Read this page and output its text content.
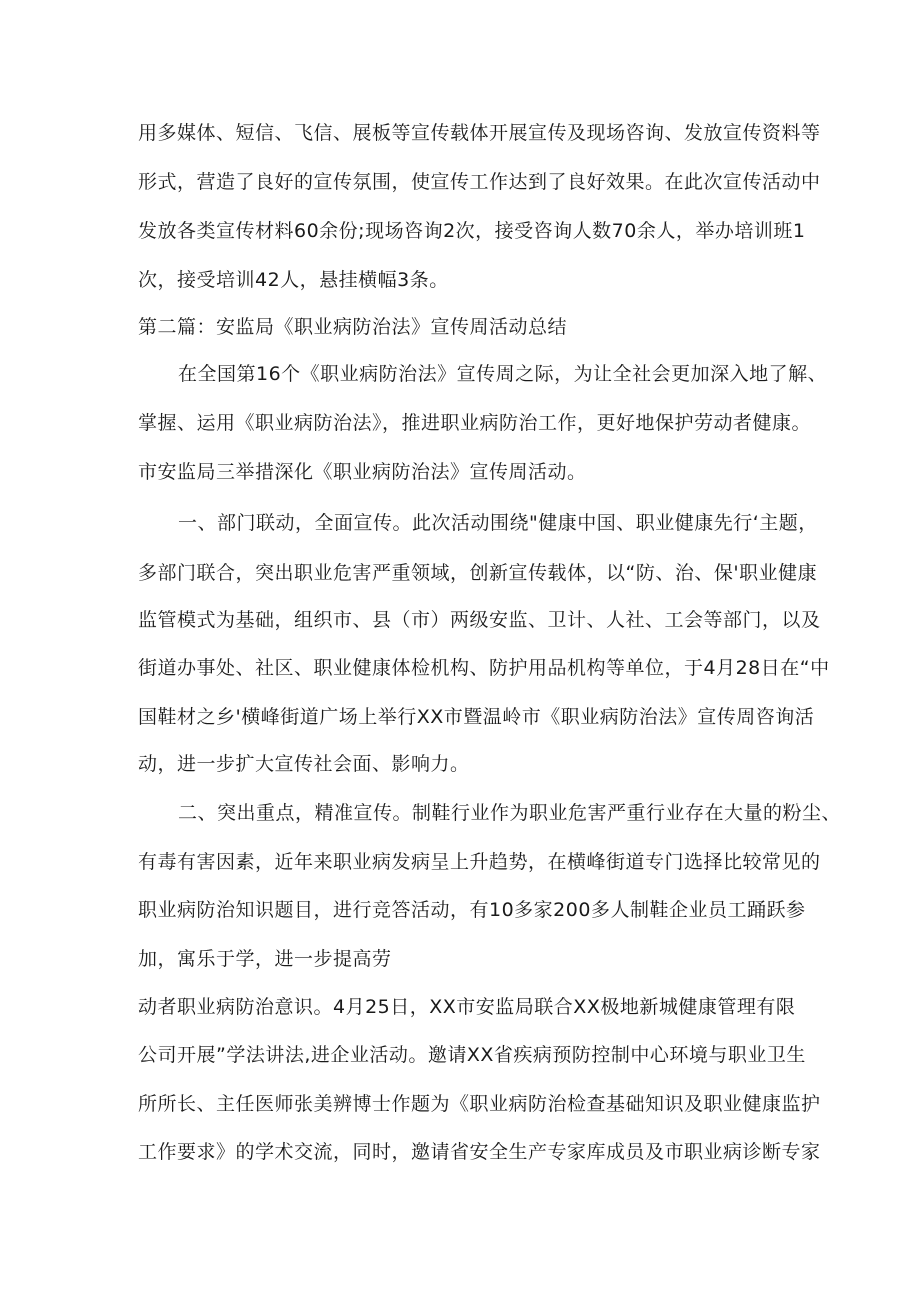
用多媒体、短信、飞信、展板等宣传载体开展宣传及现场咨询、发放宣传资料等
形式，营造了良好的宣传氛围，使宣传工作达到了良好效果。在此次宣传活动中
发放各类宣传材料60余份;现场咨询2次，接受咨询人数70余人，举办培训班1
次，接受培训42人，悬挂横幅3条。
第二篇：安监局《职业病防治法》宣传周活动总结
在全国第16个《职业病防治法》宣传周之际，为让全社会更加深入地了解、
掌握、运用《职业病防治法》，推进职业病防治工作，更好地保护劳动者健康。
市安监局三举措深化《职业病防治法》宣传周活动。
一、部门联动，全面宣传。此次活动围绕"健康中国、职业健康先行‘主题，
多部门联合，突出职业危害严重领域，创新宣传载体，以“防、治、保'职业健康
监管模式为基础，组织市、县（市）两级安监、卫计、人社、工会等部门，以及
街道办事处、社区、职业健康体检机构、防护用品机构等单位，于4月28日在“中
国鞋材之乡'横峰街道广场上举行XX市暨温岭市《职业病防治法》宣传周咨询活
动，进一步扩大宣传社会面、影响力。
二、突出重点，精准宣传。制鞋行业作为职业危害严重行业存在大量的粉尘、
有毒有害因素，近年来职业病发病呈上升趋势，在横峰街道专门选择比较常见的
职业病防治知识题目，进行竞答活动，有10多家200多人制鞋企业员工踊跃参
加，寓乐于学，进一步提高劳
动者职业病防治意识。4月25日，XX市安监局联合XX极地新城健康管理有限
公司开展”学法讲法,进企业活动。邀请XX省疾病预防控制中心环境与职业卫生
所所长、主任医师张美辨博士作题为《职业病防治检查基础知识及职业健康监护
工作要求》的学术交流，同时，邀请省安全生产专家库成员及市职业病诊断专家
